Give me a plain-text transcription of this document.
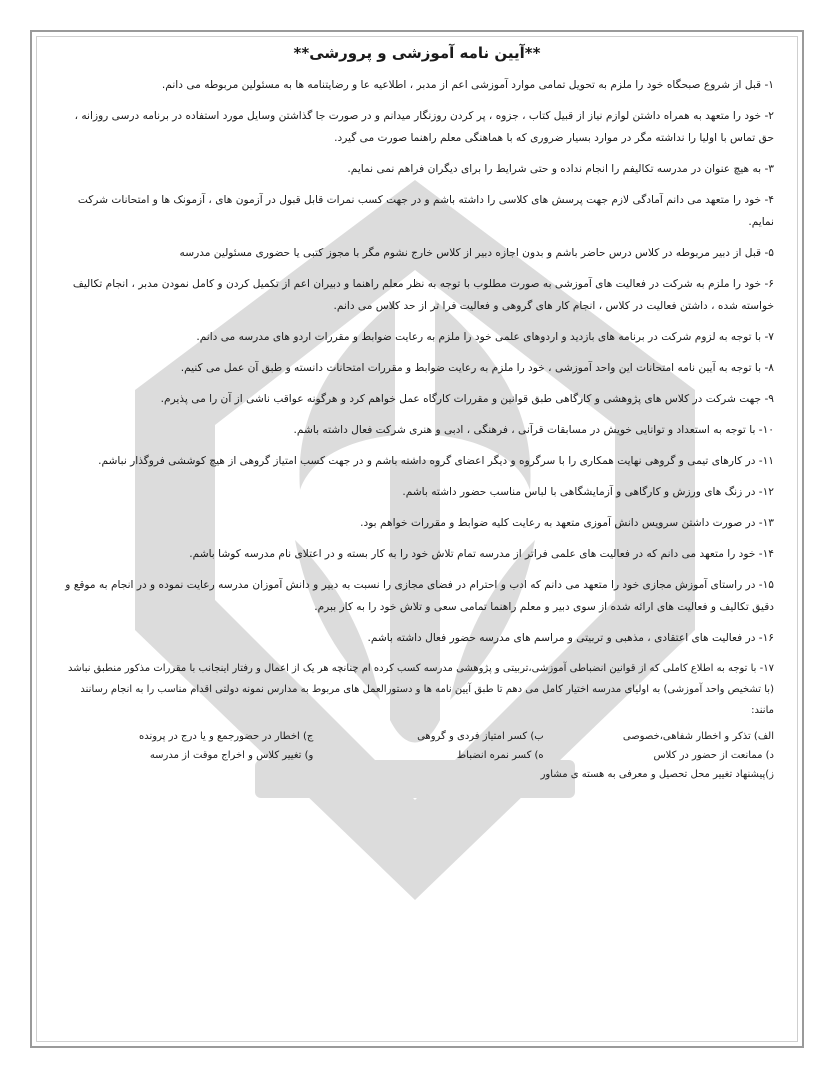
**آیین نامه آموزشی و پرورشی**

۱- قبل از شروع صبحگاه خود را ملزم به تحویل تمامی موارد آموزشی اعم از مدبر ، اطلاعیه عا و رضایتنامه ها به مسئولین مربوطه می دانم.

۲- خود را متعهد به همراه داشتن لوازم نیاز از قبیل کتاب ، جزوه ، پر کردن روزنگار میدانم و در صورت جا گذاشتن وسایل مورد استفاده در برنامه درسی روزانه ، حق تماس با اولیا را نداشته مگر در موارد بسیار ضروری که با هماهنگی معلم راهنما صورت می گیرد.

۳- به هیچ عنوان در مدرسه تکالیفم را انجام نداده و حتی شرایط را برای دیگران فراهم نمی نمایم.

۴- خود را متعهد می دانم آمادگی لازم جهت پرسش های کلاسی را داشته باشم و در جهت کسب نمرات قابل قبول در آزمون های ، آزمونک ها و امتحانات شرکت نمایم.

۵- قبل از دبیر مربوطه در کلاس درس حاضر باشم و بدون اجازه دبیر از کلاس خارج نشوم مگر با مجوز کتبی یا حضوری مسئولین مدرسه

۶- خود را ملزم به شرکت در فعالیت های آموزشی به صورت مطلوب با توجه به نظر معلم راهنما و دبیران اعم از تکمیل کردن و کامل نمودن مدبر ، انجام تکالیف خواسته شده ، داشتن فعالیت در کلاس ، انجام کار های گروهی و فعالیت فرا تر از حد کلاس می دانم.

۷- با توجه به لزوم شرکت در برنامه های بازدید و اردوهای علمی خود را ملزم به رعایت ضوابط و مقررات اردو های مدرسه می دانم.

۸- با توجه به آیین نامه امتحانات این واحد آموزشی ، خود را ملزم به رعایت ضوابط و مقررات امتحانات دانسته و طبق آن عمل می کنیم.

۹- جهت شرکت در کلاس های پژوهشی و کارگاهی طبق قوانین و مقررات کارگاه عمل خواهم کرد و هرگونه عواقب ناشی از آن را می پذیرم.

۱۰- با توجه به استعداد و توانایی خویش در مسابقات قرآنی ، فرهنگی ، ادبی و هنری شرکت فعال داشته باشم.

۱۱- در کارهای تیمی و گروهی نهایت همکاری را با سرگروه و دیگر اعضای گروه داشته باشم و در جهت کسب امتیاز گروهی از هیچ کوششی فروگذار نباشم.

۱۲- در زنگ های ورزش و کارگاهی و آزمایشگاهی با لباس مناسب حضور داشته باشم.

۱۳- در صورت داشتن سرویس دانش آموزی متعهد به رعایت کلیه ضوابط و مقررات خواهم بود.

۱۴- خود را متعهد می دانم که در فعالیت های علمی فراتر از مدرسه تمام تلاش خود را به کار بسته و در اعتلای نام مدرسه کوشا باشم.

۱۵- در راستای آموزش مجازی خود را متعهد می دانم که ادب و احترام در فضای مجازی را نسبت به دبیر و دانش آموزان مدرسه رعایت نموده و در انجام به موقع و دقیق تکالیف و فعالیت های ارائه شده از سوی دبیر و معلم راهنما تمامی سعی و تلاش خود را به کار ببرم.

۱۶- در فعالیت های اعتقادی ، مذهبی و تربیتی و مراسم های مدرسه حضور فعال داشته باشم.

۱۷- با توجه به اطلاع کاملی که از قوانین انضباطی آموزشی،تربیتی و پژوهشی مدرسه کسب کرده ام چنانچه هر یک از اعمال و رفتار اینجانب با مقررات مذکور منطبق نباشد (با تشخیص واحد آموزشی) به اولیای مدرسه اختیار کامل می دهم تا طبق آیین نامه ها و دستورالعمل های مربوط به مدارس نمونه دولتی اقدام مناسب را به انجام رسانند مانند:

الف) تذکر و اخطار شفاهی،خصوصی
ب) کسر امتیاز فردی و گروهی
ج) اخطار در حضورجمع و یا درج در پرونده
د) ممانعت از حضور در کلاس
ه) کسر نمره انضباط
و) تغییر کلاس و اخراج موقت از مدرسه
ز)پیشنهاد تغییر محل تحصیل و معرفی به هسته ی مشاور
